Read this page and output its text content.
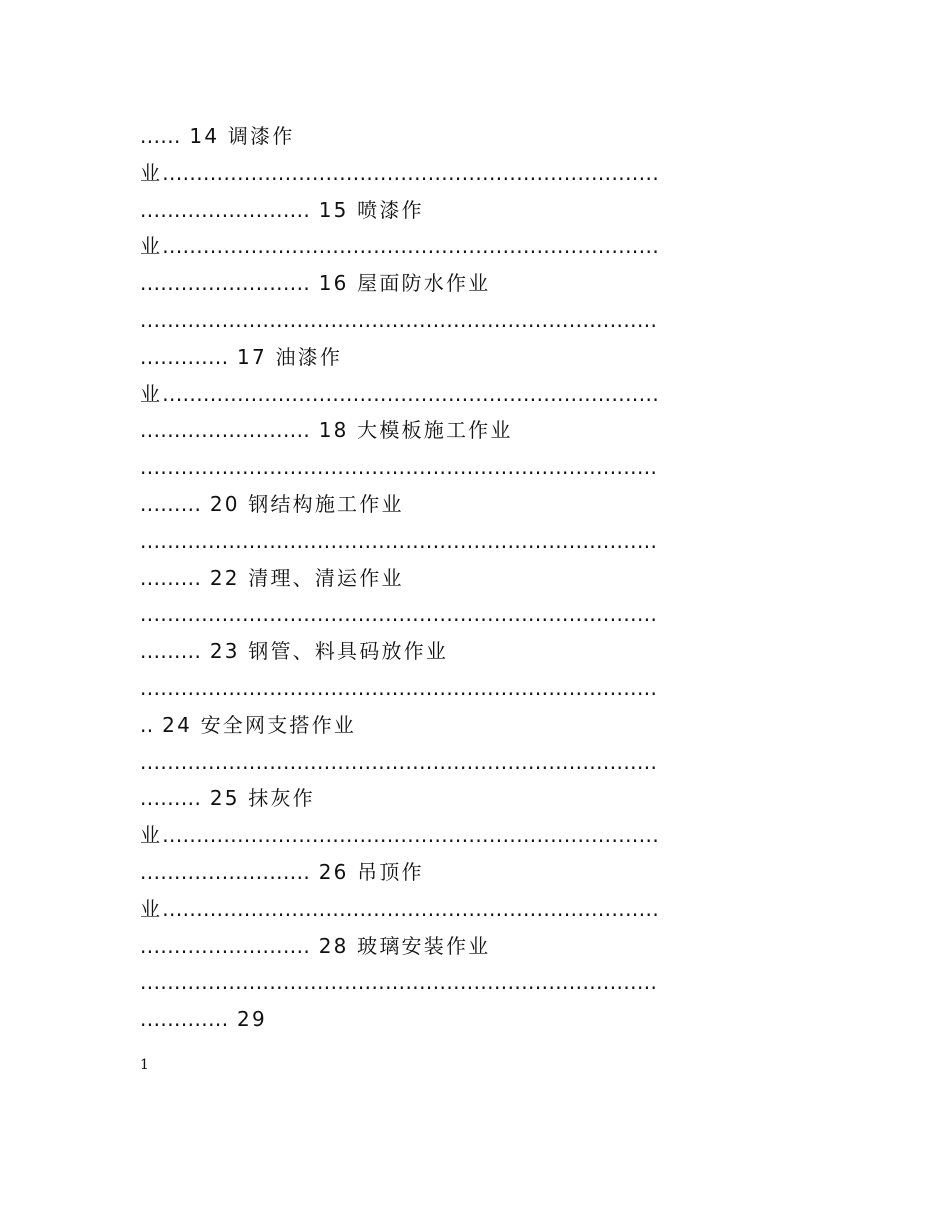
...... 14 调漆作
业.........................................................................
......................... 15 喷漆作
业.........................................................................
......................... 16 屋面防水作业
............................................................................
............. 17 油漆作
业.........................................................................
......................... 18 大模板施工作业
............................................................................
......... 20 钢结构施工作业
............................................................................
......... 22 清理、清运作业
............................................................................
......... 23 钢管、料具码放作业
............................................................................
.. 24 安全网支搭作业
............................................................................
......... 25 抹灰作
业.........................................................................
......................... 26 吊顶作
业.........................................................................
......................... 28 玻璃安装作业
............................................................................
............. 29
1
